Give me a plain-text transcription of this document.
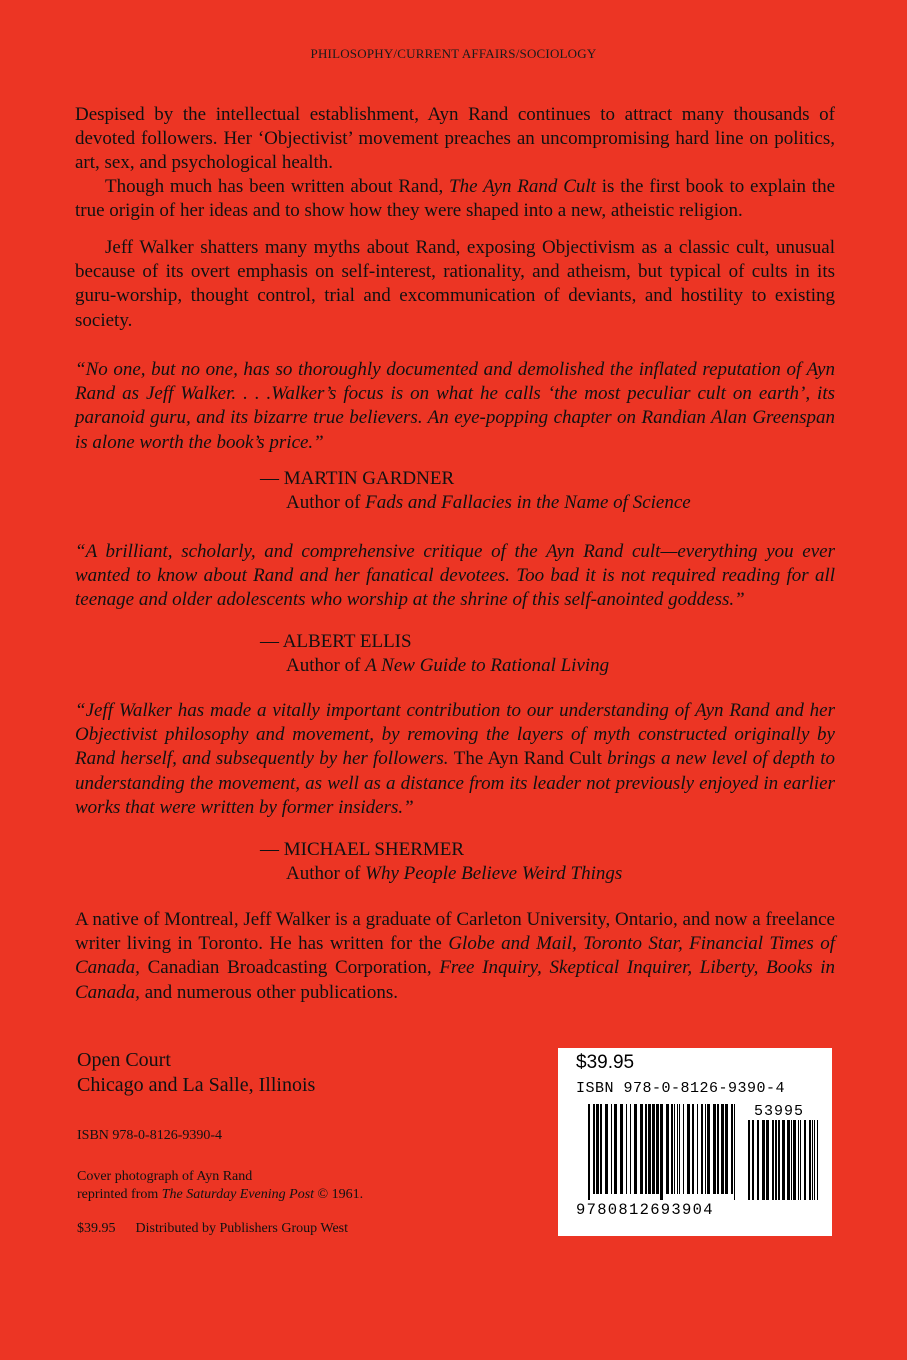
PHILOSOPHY/CURRENT AFFAIRS/SOCIOLOGY

Despised by the intellectual establishment, Ayn Rand continues to attract many thousands of devoted followers. Her ‘Objectivist’ movement preaches an uncompromising hard line on politics, art, sex, and psychological health.

Though much has been written about Rand, The Ayn Rand Cult is the first book to explain the true origin of her ideas and to show how they were shaped into a new, atheistic religion.

Jeff Walker shatters many myths about Rand, exposing Objectivism as a classic cult, unusual because of its overt emphasis on self-interest, rationality, and atheism, but typical of cults in its guru-worship, thought control, trial and excommunication of deviants, and hostility to existing society.

“No one, but no one, has so thoroughly documented and demolished the inflated reputation of Ayn Rand as Jeff Walker. . . .Walker’s focus is on what he calls ‘the most peculiar cult on earth’, its paranoid guru, and its bizarre true believers. An eye-popping chapter on Randian Alan Greenspan is alone worth the book’s price.”

— MARTIN GARDNER
Author of Fads and Fallacies in the Name of Science

“A brilliant, scholarly, and comprehensive critique of the Ayn Rand cult—everything you ever wanted to know about Rand and her fanatical devotees. Too bad it is not required reading for all teenage and older adolescents who worship at the shrine of this self-anointed goddess.”

— ALBERT ELLIS
Author of A New Guide to Rational Living

“Jeff Walker has made a vitally important contribution to our understanding of Ayn Rand and her Objectivist philosophy and movement, by removing the layers of myth constructed originally by Rand herself, and subsequently by her followers. The Ayn Rand Cult brings a new level of depth to understanding the movement, as well as a distance from its leader not previously enjoyed in earlier works that were written by former insiders.”

— MICHAEL SHERMER
Author of Why People Believe Weird Things

A native of Montreal, Jeff Walker is a graduate of Carleton University, Ontario, and now a freelance writer living in Toronto. He has written for the Globe and Mail, Toronto Star, Financial Times of Canada, Canadian Broadcasting Corporation, Free Inquiry, Skeptical Inquirer, Liberty, Books in Canada, and numerous other publications.

Open Court
Chicago and La Salle, Illinois
ISBN 978-0-8126-9390-4
Cover photograph of Ayn Rand
reprinted from The Saturday Evening Post © 1961.
$39.95 Distributed by Publishers Group West
$39.95
ISBN 978-0-8126-9390-4
53995
9780812693904
